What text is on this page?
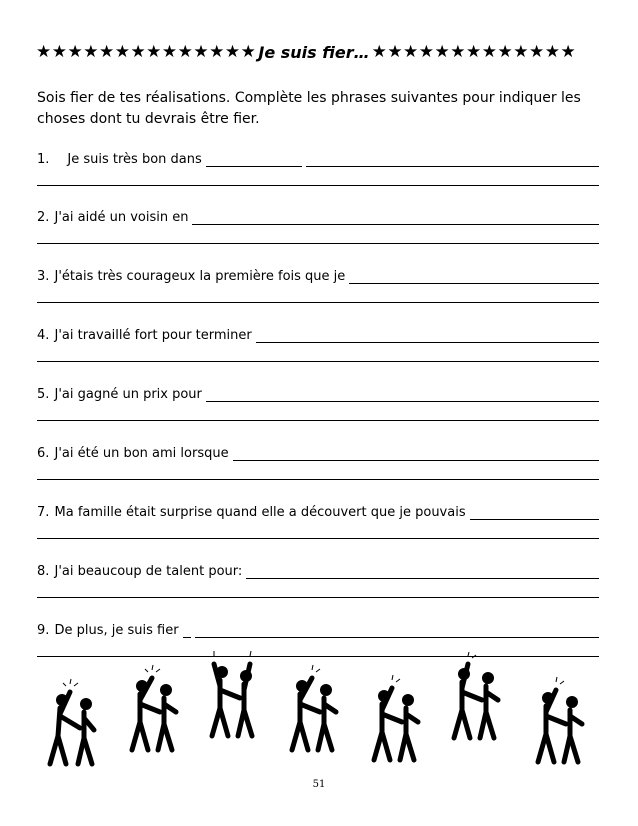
★★★★★★★★★★★★★★ Je suis fier… ★★★★★★★★★★★★★
Sois fier de tes réalisations. Complète les phrases suivantes pour indiquer les choses dont tu devrais être fier.
1. Je suis très bon dans
2.
J'ai aidé un voisin en
3.
J'étais très courageux la première fois que je
4.
J'ai travaillé fort pour terminer
5.
J'ai gagné un prix pour
6.
J'ai été un bon ami lorsque
7.
Ma famille était surprise quand elle a découvert que je pouvais
8.
J'ai beaucoup de talent pour:
9.
De plus, je suis fier
51
